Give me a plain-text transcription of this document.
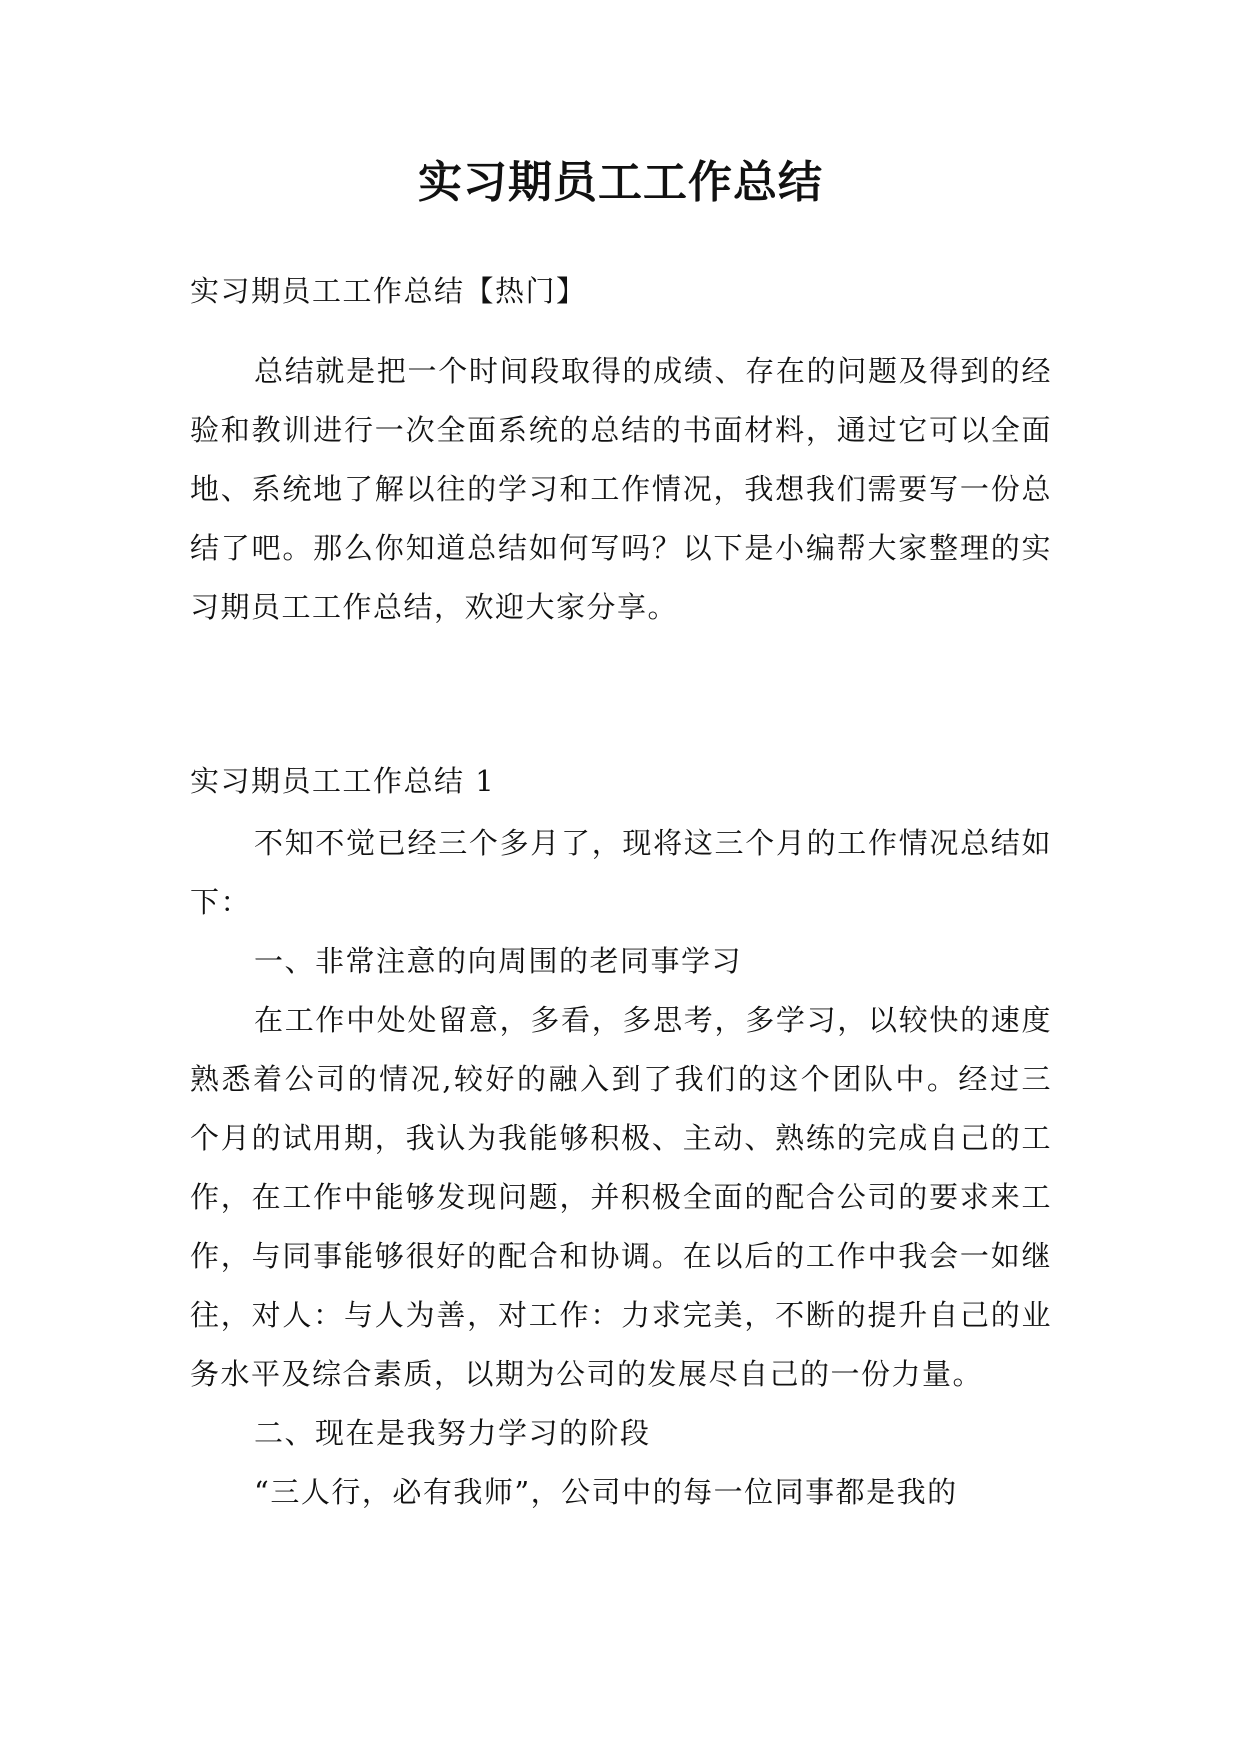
实习期员工工作总结
实习期员工工作总结【热门】

总结就是把一个时间段取得的成绩、存在的问题及得到的经验和教训进行一次全面系统的总结的书面材料，通过它可以全面地、系统地了解以往的学习和工作情况，我想我们需要写一份总结了吧。那么你知道总结如何写吗？以下是小编帮大家整理的实习期员工工作总结，欢迎大家分享。

实习期员工工作总结 1

不知不觉已经三个多月了，现将这三个月的工作情况总结如下：

一、非常注意的向周围的老同事学习

在工作中处处留意，多看，多思考，多学习，以较快的速度熟悉着公司的情况,较好的融入到了我们的这个团队中。经过三个月的试用期，我认为我能够积极、主动、熟练的完成自己的工作，在工作中能够发现问题，并积极全面的配合公司的要求来工作，与同事能够很好的配合和协调。在以后的工作中我会一如继往，对人：与人为善，对工作：力求完美，不断的提升自己的业务水平及综合素质，以期为公司的发展尽自己的一份力量。

二、现在是我努力学习的阶段

“三人行，必有我师”，公司中的每一位同事都是我的
